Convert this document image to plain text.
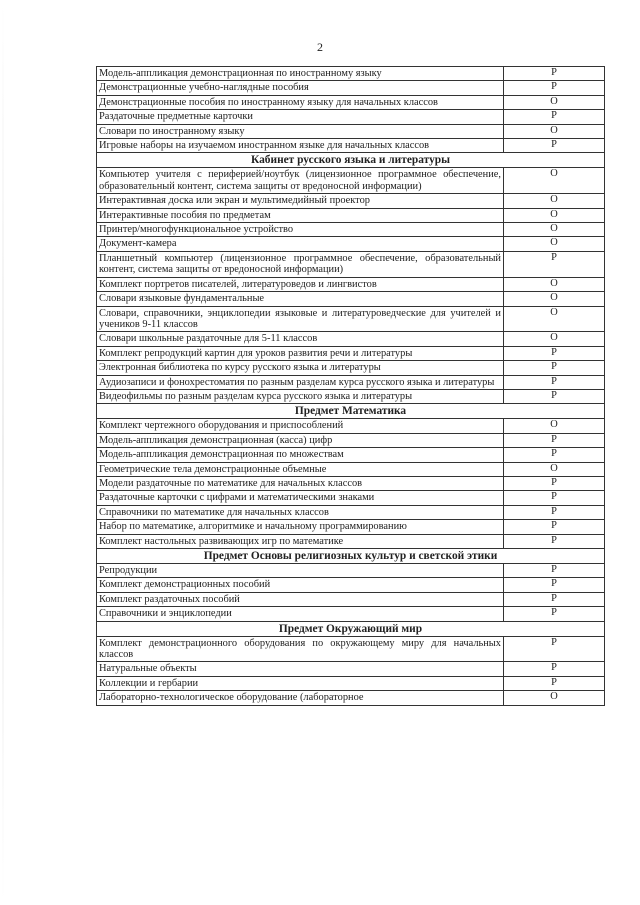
2
Модель-аппликация демонстрационная по иностранному языку	Р
Демонстрационные учебно-наглядные пособия	Р
Демонстрационные пособия по иностранному языку для начальных классов	О
Раздаточные предметные карточки	Р
Словари по иностранному языку	О
Игровые наборы на изучаемом иностранном языке для начальных классов	Р
Кабинет русского языка и литературы	
Компьютер учителя с периферией/ноутбук (лицензионное программное обеспечение, образовательный контент, система защиты от вредоносной информации)	О
Интерактивная доска или экран и мультимедийный проектор	О
Интерактивные пособия по предметам	О
Принтер/многофункциональное устройство	О
Документ-камера	О
Планшетный компьютер (лицензионное программное обеспечение, образовательный контент, система защиты от вредоносной информации)	Р
Комплект портретов писателей, литературоведов и лингвистов	О
Словари языковые фундаментальные	О
Словари, справочники, энциклопедии языковые и литературоведческие для учителей и учеников 9-11 классов	О
Словари школьные раздаточные для 5-11 классов	О
Комплект репродукций картин для уроков развития речи и литературы	Р
Электронная библиотека по курсу русского языка и литературы	Р
Аудиозаписи и фонохрестоматия по разным разделам курса русского языка и литературы	Р
Видеофильмы по разным разделам курса русского языка и литературы	Р
Предмет Математика	
Комплект чертежного оборудования и приспособлений	О
Модель-аппликация демонстрационная (касса) цифр	Р
Модель-аппликация демонстрационная по множествам	Р
Геометрические тела демонстрационные объемные	О
Модели раздаточные по математике для начальных классов	Р
Раздаточные карточки с цифрами и математическими знаками	Р
Справочники по математике для начальных классов	Р
Набор по математике, алгоритмике и начальному программированию	Р
Комплект настольных развивающих игр по математике	Р
Предмет Основы религиозных культур и светской этики	
Репродукции	Р
Комплект демонстрационных пособий	Р
Комплект раздаточных пособий	Р
Справочники и энциклопедии	Р
Предмет Окружающий мир	
Комплект демонстрационного оборудования по окружающему миру для начальных классов	Р
Натуральные объекты	Р
Коллекции и гербарии	Р
Лабораторно-технологическое оборудование (лабораторное	О
